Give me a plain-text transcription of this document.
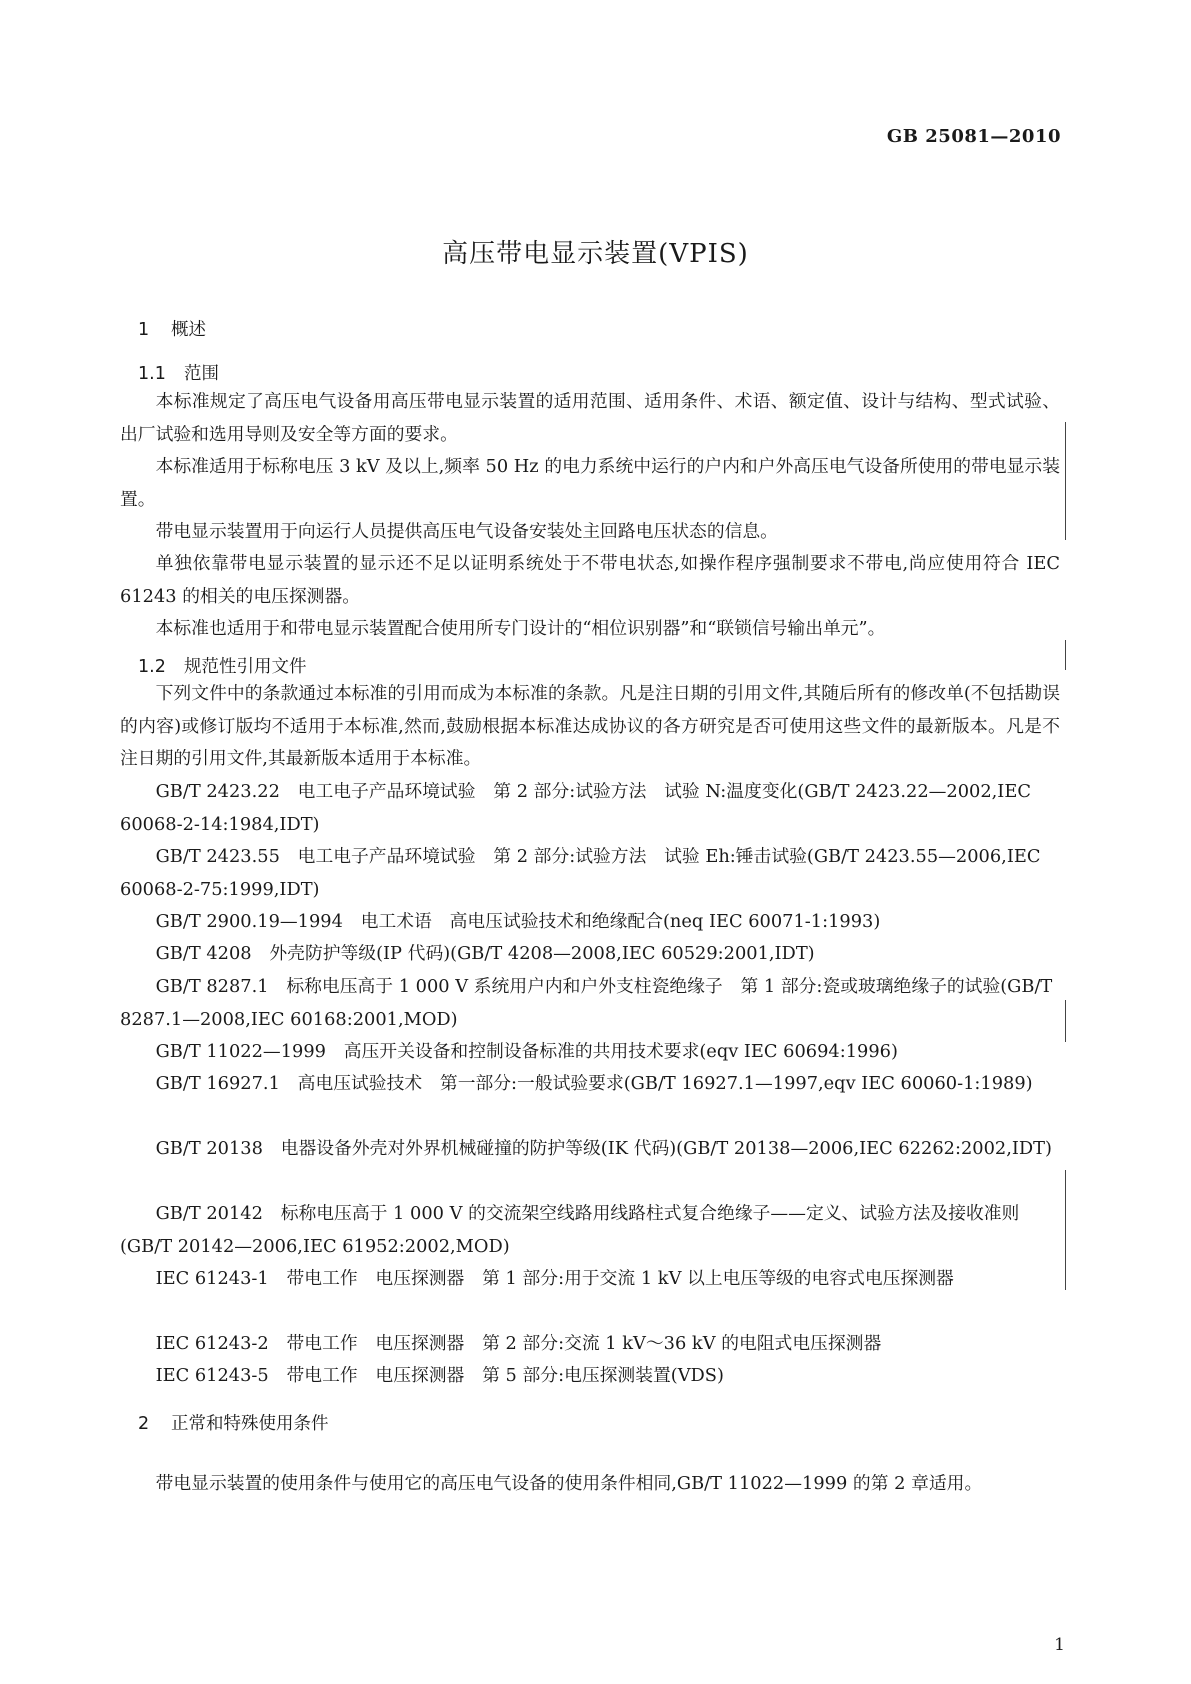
GB 25081—2010
高压带电显示装置(VPIS)
1 概述
1.1 范围

本标准规定了高压电气设备用高压带电显示装置的适用范围、适用条件、术语、额定值、设计与结构、型式试验、出厂试验和选用导则及安全等方面的要求。

本标准适用于标称电压 3 kV 及以上,频率 50 Hz 的电力系统中运行的户内和户外高压电气设备所使用的带电显示装置。

带电显示装置用于向运行人员提供高压电气设备安装处主回路电压状态的信息。

单独依靠带电显示装置的显示还不足以证明系统处于不带电状态,如操作程序强制要求不带电,尚应使用符合 IEC 61243 的相关的电压探测器。

本标准也适用于和带电显示装置配合使用所专门设计的“相位识别器”和“联锁信号输出单元”。

1.2 规范性引用文件

下列文件中的条款通过本标准的引用而成为本标准的条款。凡是注日期的引用文件,其随后所有的修改单(不包括勘误的内容)或修订版均不适用于本标准,然而,鼓励根据本标准达成协议的各方研究是否可使用这些文件的最新版本。凡是不注日期的引用文件,其最新版本适用于本标准。

GB/T 2423.22　电工电子产品环境试验　第 2 部分:试验方法　试验 N:温度变化(GB/T 2423.22—2002,IEC 60068-2-14:1984,IDT)

GB/T 2423.55　电工电子产品环境试验　第 2 部分:试验方法　试验 Eh:锤击试验(GB/T 2423.55—2006,IEC 60068-2-75:1999,IDT)

GB/T 2900.19—1994　电工术语　高电压试验技术和绝缘配合(neq IEC 60071-1:1993)

GB/T 4208　外壳防护等级(IP 代码)(GB/T 4208—2008,IEC 60529:2001,IDT)

GB/T 8287.1　标称电压高于 1 000 V 系统用户内和户外支柱瓷绝缘子　第 1 部分:瓷或玻璃绝缘子的试验(GB/T 8287.1—2008,IEC 60168:2001,MOD)

GB/T 11022—1999　高压开关设备和控制设备标准的共用技术要求(eqv IEC 60694:1996)

GB/T 16927.1　高电压试验技术　第一部分:一般试验要求(GB/T 16927.1—1997,eqv IEC 60060-1:1989)

GB/T 20138　电器设备外壳对外界机械碰撞的防护等级(IK 代码)(GB/T 20138—2006,IEC 62262:2002,IDT)

GB/T 20142　标称电压高于 1 000 V 的交流架空线路用线路柱式复合绝缘子——定义、试验方法及接收准则(GB/T 20142—2006,IEC 61952:2002,MOD)

IEC 61243-1　带电工作　电压探测器　第 1 部分:用于交流 1 kV 以上电压等级的电容式电压探测器

IEC 61243-2　带电工作　电压探测器　第 2 部分:交流 1 kV～36 kV 的电阻式电压探测器

IEC 61243-5　带电工作　电压探测器　第 5 部分:电压探测装置(VDS)

2 正常和特殊使用条件

带电显示装置的使用条件与使用它的高压电气设备的使用条件相同,GB/T 11022—1999 的第 2 章适用。

1
